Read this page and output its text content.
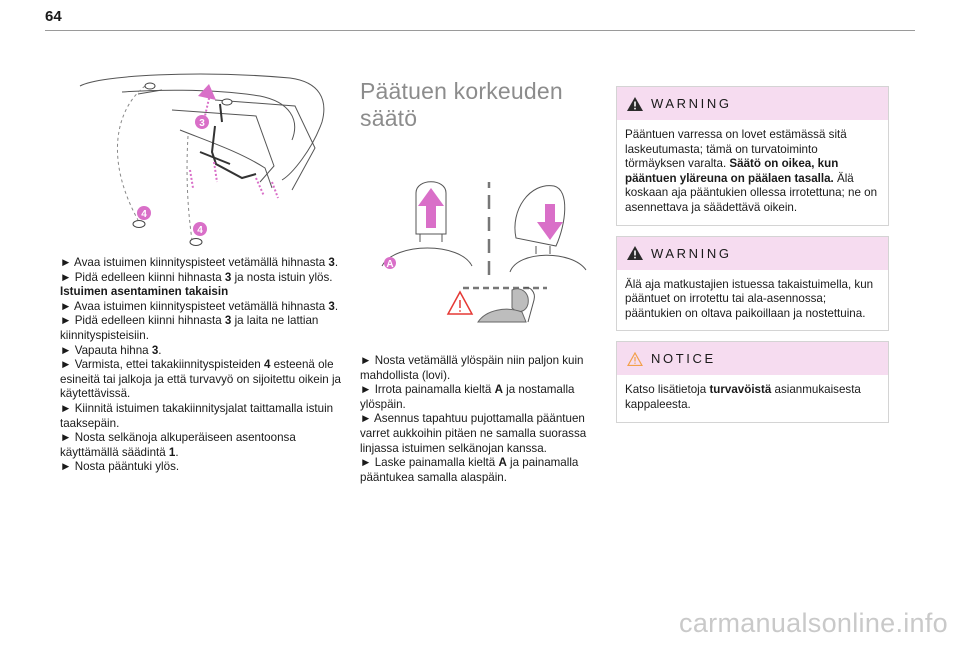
64
3
4
4

► Avaa istuimen kiinnityspisteet vetämällä hihnasta 3.

► Pidä edelleen kiinni hihnasta 3 ja nosta istuin ylös.

Istuimen asentaminen takaisin

► Avaa istuimen kiinnityspisteet vetämällä hihnasta 3.

► Pidä edelleen kiinni hihnasta 3 ja laita ne lattian kiinnityspisteisiin.

► Vapauta hihna 3.

► Varmista, ettei takakiinnityspisteiden 4 esteenä ole esineitä tai jalkoja ja että turvavyö on sijoitettu oikein ja käytettävissä.

► Kiinnitä istuimen takakiinnitysjalat taittamalla istuin taaksepäin.

► Nosta selkänoja alkuperäiseen asentoonsa käyttämällä säädintä 1.

► Nosta pääntuki ylös.

Päätuen korkeuden säätö
A

► Nosta vetämällä ylöspäin niin paljon kuin mahdollista (lovi).

► Irrota painamalla kieltä A ja nostamalla ylöspäin.

► Asennus tapahtuu pujottamalla pääntuen varret aukkoihin pitäen ne samalla suorassa linjassa istuimen selkänojan kanssa.

► Laske painamalla kieltä A ja painamalla pääntukea samalla alaspäin.

WARNING

Pääntuen varressa on lovet estämässä sitä laskeutumasta; tämä on turvatoiminto törmäyksen varalta. Säätö on oikea, kun pääntuen yläreuna on päälaen tasalla. Älä koskaan aja pääntukien ollessa irrotettuna; ne on asennettava ja säädettävä oikein.

WARNING

Älä aja matkustajien istuessa takaistuimella, kun pääntuet on irrotettu tai ala-asennossa; pääntukien on oltava paikoillaan ja nostettuina.

NOTICE

Katso lisätietoja turvavöistä asianmukaisesta kappaleesta.

carmanualsonline.info
